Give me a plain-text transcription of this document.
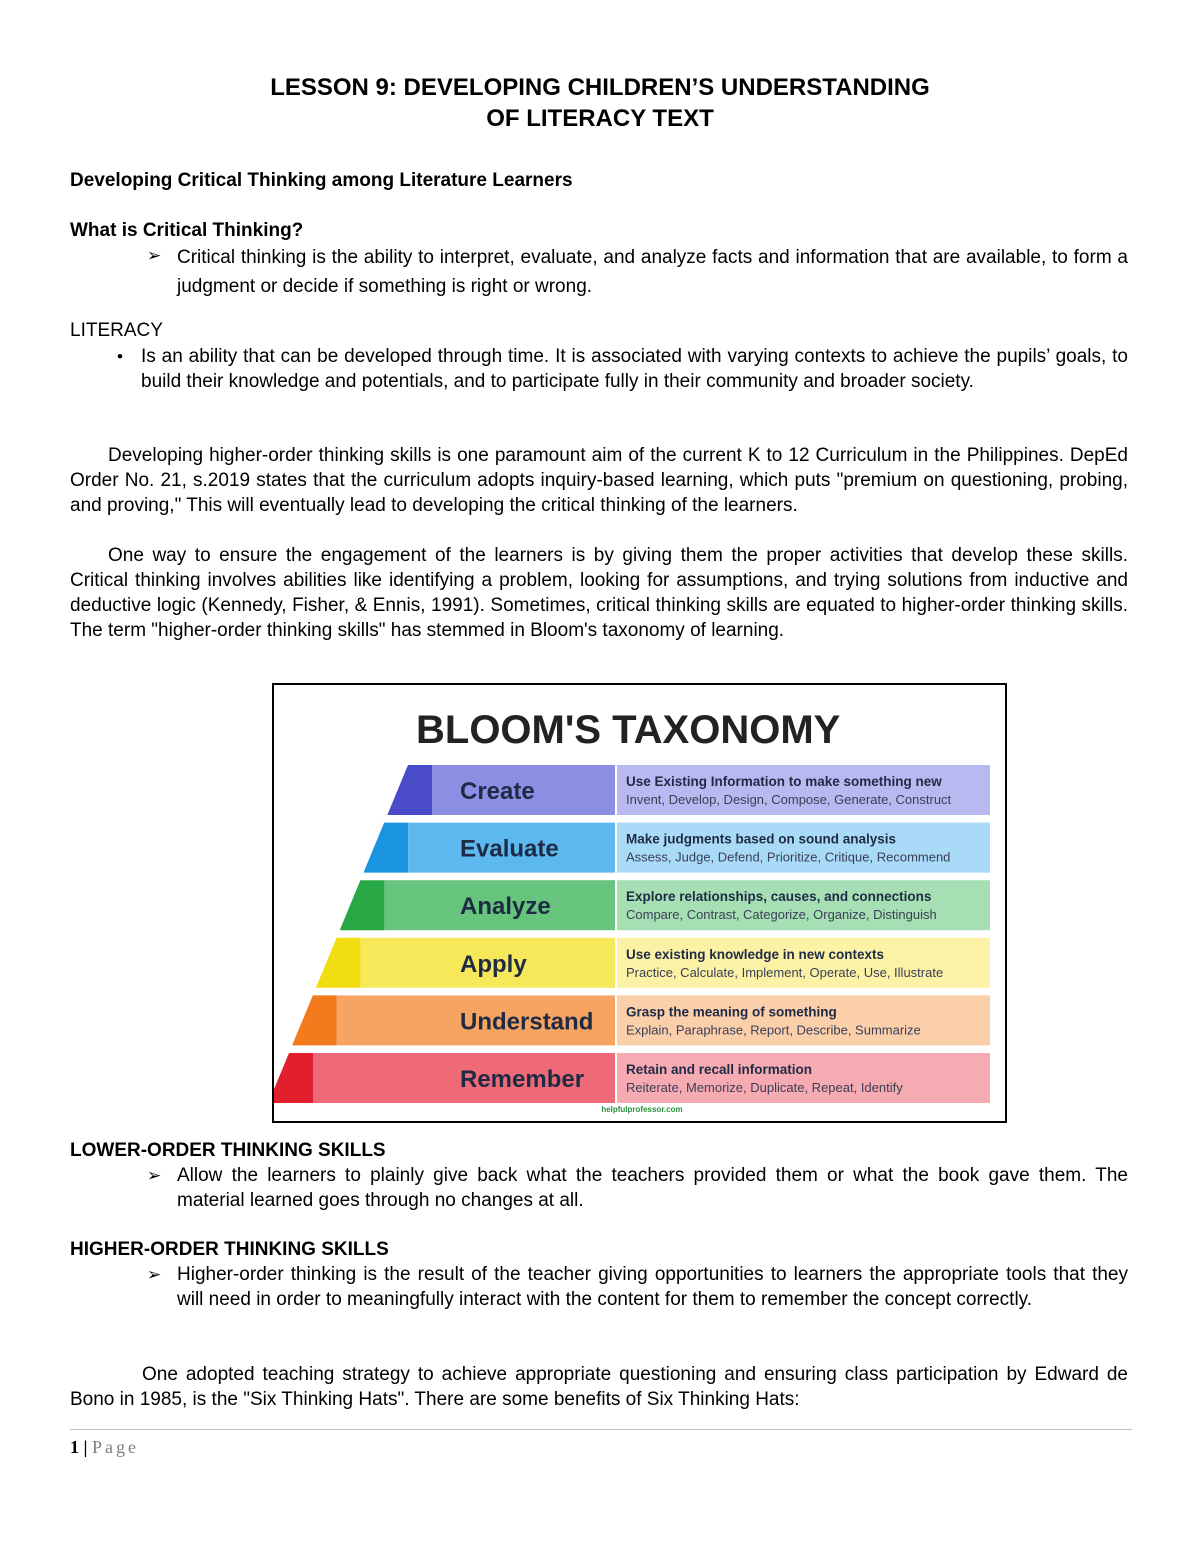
LESSON 9: DEVELOPING CHILDREN’S UNDERSTANDING
OF LITERACY TEXT
Developing Critical Thinking among Literature Learners
What is Critical Thinking?
➢ Critical thinking is the ability to interpret, evaluate, and analyze facts and information that are available, to form a judgment or decide if something is right or wrong.
LITERACY
• Is an ability that can be developed through time. It is associated with varying contexts to achieve the pupils’ goals, to build their knowledge and potentials, and to participate fully in their community and broader society.
Developing higher-order thinking skills is one paramount aim of the current K to 12 Curriculum in the Philippines. DepEd Order No. 21, s.2019 states that the curriculum adopts inquiry-based learning, which puts "premium on questioning, probing, and proving," This will eventually lead to developing the critical thinking of the learners.
One way to ensure the engagement of the learners is by giving them the proper activities that develop these skills. Critical thinking involves abilities like identifying a problem, looking for assumptions, and trying solutions from inductive and deductive logic (Kennedy, Fisher, & Ennis, 1991). Sometimes, critical thinking skills are equated to higher-order thinking skills. The term "higher-order thinking skills" has stemmed in Bloom's taxonomy of learning.
BLOOM'S TAXONOMY
Create	Use Existing Information to make something new
Invent, Develop, Design, Compose, Generate, Construct
Evaluate	Make judgments based on sound analysis
Assess, Judge, Defend, Prioritize, Critique, Recommend
Analyze	Explore relationships, causes, and connections
Compare, Contrast, Categorize, Organize, Distinguish
Apply	Use existing knowledge in new contexts
Practice, Calculate, Implement, Operate, Use, Illustrate
Understand Grasp the meaning of something
Explain, Paraphrase, Report, Describe, Summarize
Remember	Retain and recall information
Reiterate, Memorize, Duplicate, Repeat, Identify
helpfulprofessor.com
LOWER-ORDER THINKING SKILLS
➢ Allow the learners to plainly give back what the teachers provided them or what the book gave them. The material learned goes through no changes at all.
HIGHER-ORDER THINKING SKILLS
➢ Higher-order thinking is the result of the teacher giving opportunities to learners the appropriate tools that they will need in order to meaningfully interact with the content for them to remember the concept correctly.
One adopted teaching strategy to achieve appropriate questioning and ensuring class participation by Edward de Bono in 1985, is the "Six Thinking Hats". There are some benefits of Six Thinking Hats:
1 | Page
